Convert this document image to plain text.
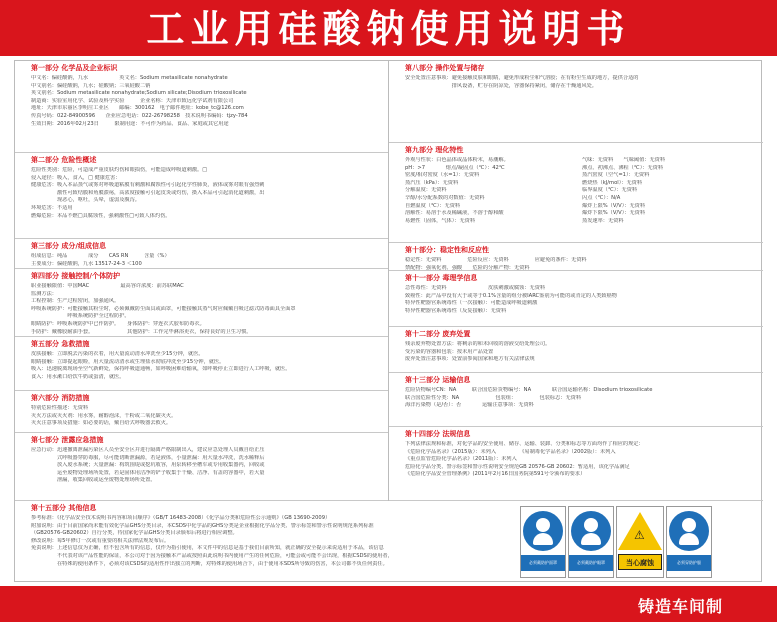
工业用硅酸钠使用说明书
第一部分 化学品及企业标识
中文名：偏硅酸钠，九水　　　　　　英文名：Sodium metasilicate nonahydrate
中文别名：偏硅酸钠，九水；硅酸钠；三氧硅酸二钠
英文别名：Sodium metasilicate nonahydrate;Sodium silicate;Disodium trioxosilicate
制造商：实验室用化学、试验及科学实验　　　企业名称：天津市致远化学试剂有限公司
地址：天津市东丽区李明庄工业区　　邮编：300162　电子邮件地址：kobe_tc@126.com
传真号码：022-84900596　　企业应急电话：022-26798258　技术说明书编码：tjzy-784
生效日期：2016年02月23日　　　限制用途：不可作为药品、食品、家庭或其它用途
第二部分 危险性概述
危险性类别：危险，可造成严重皮肤灼伤和眼损伤，可能造成呼吸道刺激。□
侵入途径：吸入，食入，□ 健康危害：
健康危害：吸入本品蒸气或雾对呼吸道粘膜有刺激和腐蚀性可引起化学性肺炎，液体或雾对眼有强烈刺
　　　　　激性可致结膜和角膜溃疡，高浓度接触可引起皮炎或灼伤，摄入本品可引起消化道刺激，出
　　　　　现恶心，呕吐，头晕，虚弱及腹泻。
环境危害：不适用
燃爆危险：本品不燃□具腐蚀性，强刺激性□可致人体灼伤。
第三部分 成分/组成信息
组成信息：纯品　　　　成分　　CAS RN　　　含量（%）
主要成分：偏硅酸钠，九水 13517-24-3 ＜100
第四部分 接触控制/个体防护
职业接触限值：中国MAC　　　　　　最高容许浓度：前苏联MAC
监测方法：
工程控制：生产过程密闭，加强通风。
呼吸系统防护：可能接触其粉尘时，必须佩戴防尘面具或面罩，可能接触其蒸气时应佩戴自吸过滤式防毒面具全面罩
　　　　　　　呼吸系统防护全过程防护。
眼睛防护：呼吸系统防护中已作防护。　　身体防护：穿连衣式胶布防毒衣。
手防护：戴橡胶耐油手套。　　　　　　　其他防护：工作完毕淋浴更衣，保持良好的卫生习惯。
第五部分 急救措施
皮肤接触：立即脱去污染的衣着，用大量流动清水冲洗至少15分钟，就医。
眼睛接触：立即提起眼睑，用大量流动清水或生理盐水彻底冲洗至少15分钟，就医。
吸入：迅速脱离现场至空气新鲜处，保持呼吸道通畅，如呼吸困难给输氧，如呼吸停止立即进行人工呼吸，就医。
食入：用水漱口给饮牛奶或蛋清，就医。
第六部分 消防措施
特别危险性描述：无资料
灭火方法或灭火剂：用水雾，耐醇泡沫，干粉或二氧化碳灭火。
灭火注意事项及措施：如必要的话，戴自给式呼吸器去救火。
第七部分 泄露应急措施
应急行动：迅速撤离泄漏污染区人员至安全区并进行隔离严格限制出入，建议应急处理人员戴自给正压
　　　　　式呼吸器穿防毒服，尽可能切断泄漏源，若是液体，小量泄漏：用大量水冲洗，洗水稀释后
　　　　　放入废水系统；大量泄漏：构筑围堤或挖坑收容，用泵转移至槽车或专用收集器内，回收或
　　　　　运至废物处理场所处置，若是固体用洁净的铲子收集于干燥、洁净、有盖的容器中，若大量
　　　　　泄漏，收集回收或运至废物处理场所处置。
第八部分 操作处置与储存
安全处置注意事项：避免接触皮肤和眼睛，避免形成粉尘和气溶胶；在有粉尘生成的地方，提供合适的
　　　　　　　　　排风设备，贮存在阴凉处，容器保持紧闭，储存在干燥通风处。
第九部分 理化特性
外观与性状：白色晶体或晶体粉末，易潮解。	气味：无资料　　气味阈值：无资料
pH：>7　　　　熔点/凝固点（℃）：42℃	沸点、初沸点、沸程（℃）：无资料
密度/相对密度（水=1）：无资料	蒸汽密度（空气=1）：无资料
蒸汽压（kPa）：无资料	燃烧热（kJ/mol）：无资料
分解温度：无资料	临界温度（℃）：无资料
辛醇/水分配系数的对数值：无资料	闪点（℃）：N/A
自燃温度（℃）：无资料	爆炸上限%（V/V）：无资料
溶解性：易溶于水及稀碱液，不溶于醇和酸	爆炸下限%（V/V）：无资料
易燃性（固体，气体）：无资料	蒸发速率：无资料
第十部分：稳定性和反应性
稳定性：无资料　　　　　危险反应：无资料　　　　　应避免的条件：无资料
禁配物：强氧化剂、强酸　　危险的分解产物：无资料
第十一部分 毒理学信息
急性毒性：无资料　　　　　　　　皮肤刺激或腐蚀：无资料
致癌性：此产品中没有大于或等于0.1%含量的组分被IARC鉴别为可能的或肯定的人类致癌物
特异性靶器官系统毒性（一次接触）：可能造成呼吸道刺激
特异性靶器官系统毒性（反复接触）：无资料
第十二部分 废弃处置
残余废弃物处置方法：将剩余的和未回收的溶液交给处理公司。
受污染的容器和包装：按未用产品处置
废弃处置注意事项：处置前参阅国家和地方有关法律法规
第十三部分 运输信息
危险货物编号CN：NA　　　联合国危险货物编号：NA　　　　联合国运输名称：Disodium trioxosilicate
联合国危险性分类：NA　　　　　　　包装组：　　　　　包装标志：无资料
海洋污染物（是/否）：否　　　　运输注意事项：无资料
第十四部分 法规信息
下列法律法规和标准，对化学品的安全使用、储存、运输、装卸、分类和标志等方面均作了相应的规定：
《危险化学品名录》（2015版）：未列入　　　　　《易制毒化学品名录》（2002版）：未列入
《重点监管危险化学品名录》（2011版）：未列入
危险化学品分类、警示标签和警示性说明安全规范GB 20576-GB 20602：暂适用，该化学品满足
《危险化学品安全管理条例》(2011年2月16日国务院第591号令颁布的要求）
第十五部分 其他信息
参考标准：《化学品安全技术说明书内容和项目顺序》（GB/T 16483-2008）《化学品分类和危险性公示通则》（GB 13690-2009）
附加说明：由于目前国家尚未能有效化学品GHS分类目录，本CSDS中化学品的GHS分类是企业根据化学品分类、警示标签和警示性说明规范系列标准
（GB20576-GB20602）自行分类，待国家化学品GHS分类目录颁布后将进行相应调整。
修改说明：每5年修订一次或有重要的相关法律法规发布后。
免责说明：上述信息仅为正确，但不包含所有的信息，仅作为指引使用，本文件中的信息是基于我们目前所知，就正确的安全提示来说适用于本品，该信息
　　　　　不代表对该产品性能的保证，本公司对于因为接触本产品或按照由此说明书内使用产生的任何危险，可能会或可能不会出现，根据CSDS的使用者，
　　　　　在特殊的使用条件下，必须对该CSDS的适用性作出独立的判断，对特殊的使用场合下，由于使用本SDS所导致的伤害，本公司都不负任何责任。	必须戴防护面罩	必须戴防护眼罩
⚠
当心腐蚀	必须穿防护服
铸造车间制
